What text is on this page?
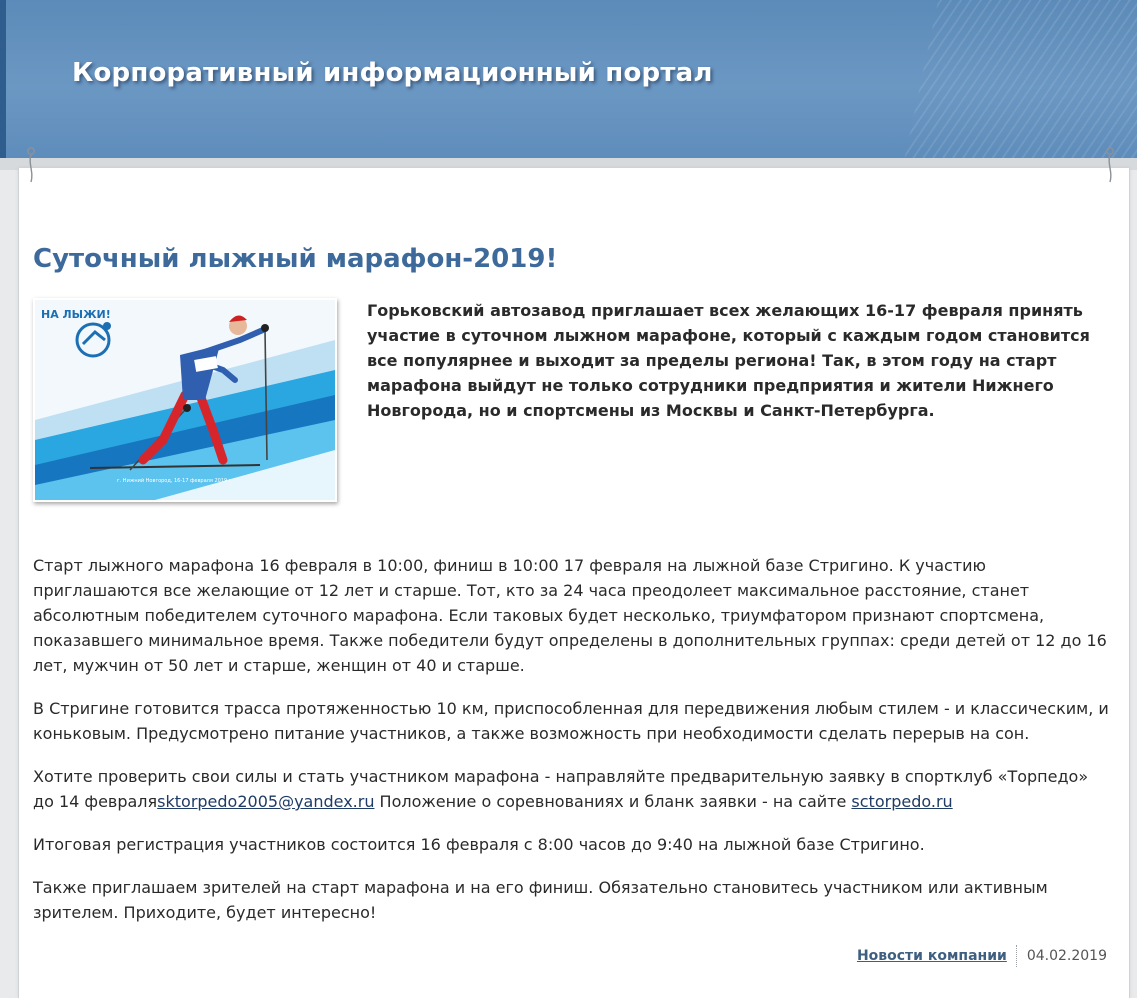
Корпоративный информационный портал
Суточный лыжный марафон-2019!
НА ЛЫЖИ!
г. Нижний Новгород, 16-17 февраля 2019 г.
Горьковский автозавод приглашает всех желающих 16-17 февраля принять участие в суточном лыжном марафоне, который с каждым годом становится все популярнее и выходит за пределы региона! Так, в этом году на старт марафона выйдут не только сотрудники предприятия и жители Нижнего Новгорода, но и спортсмены из Москвы и Санкт-Петербурга.

Старт лыжного марафона 16 февраля в 10:00, финиш в 10:00 17 февраля на лыжной базе Стригино. К участию приглашаются все желающие от 12 лет и старше. Тот, кто за 24 часа преодолеет максимальное расстояние, станет абсолютным победителем суточного марафона. Если таковых будет несколько, триумфатором признают спортсмена, показавшего минимальное время. Также победители будут определены в дополнительных группах: среди детей от 12 до 16 лет, мужчин от 50 лет и старше, женщин от 40 и старше.

В Стригине готовится трасса протяженностью 10 км, приспособленная для передвижения любым стилем - и классическим, и коньковым. Предусмотрено питание участников, а также возможность при необходимости сделать перерыв на сон.

Хотите проверить свои силы и стать участником марафона - направляйте предварительную заявку в спортклуб «Торпедо» до 14 февраляsktorpedo2005@yandex.ru Положение о соревнованиях и бланк заявки - на сайте sctorpedo.ru

Итоговая регистрация участников состоится 16 февраля с 8:00 часов до 9:40 на лыжной базе Стригино.

Также приглашаем зрителей на старт марафона и на его финиш. Обязательно становитесь участником или активным зрителем. Приходите, будет интересно!

Новости компании 04.02.2019
